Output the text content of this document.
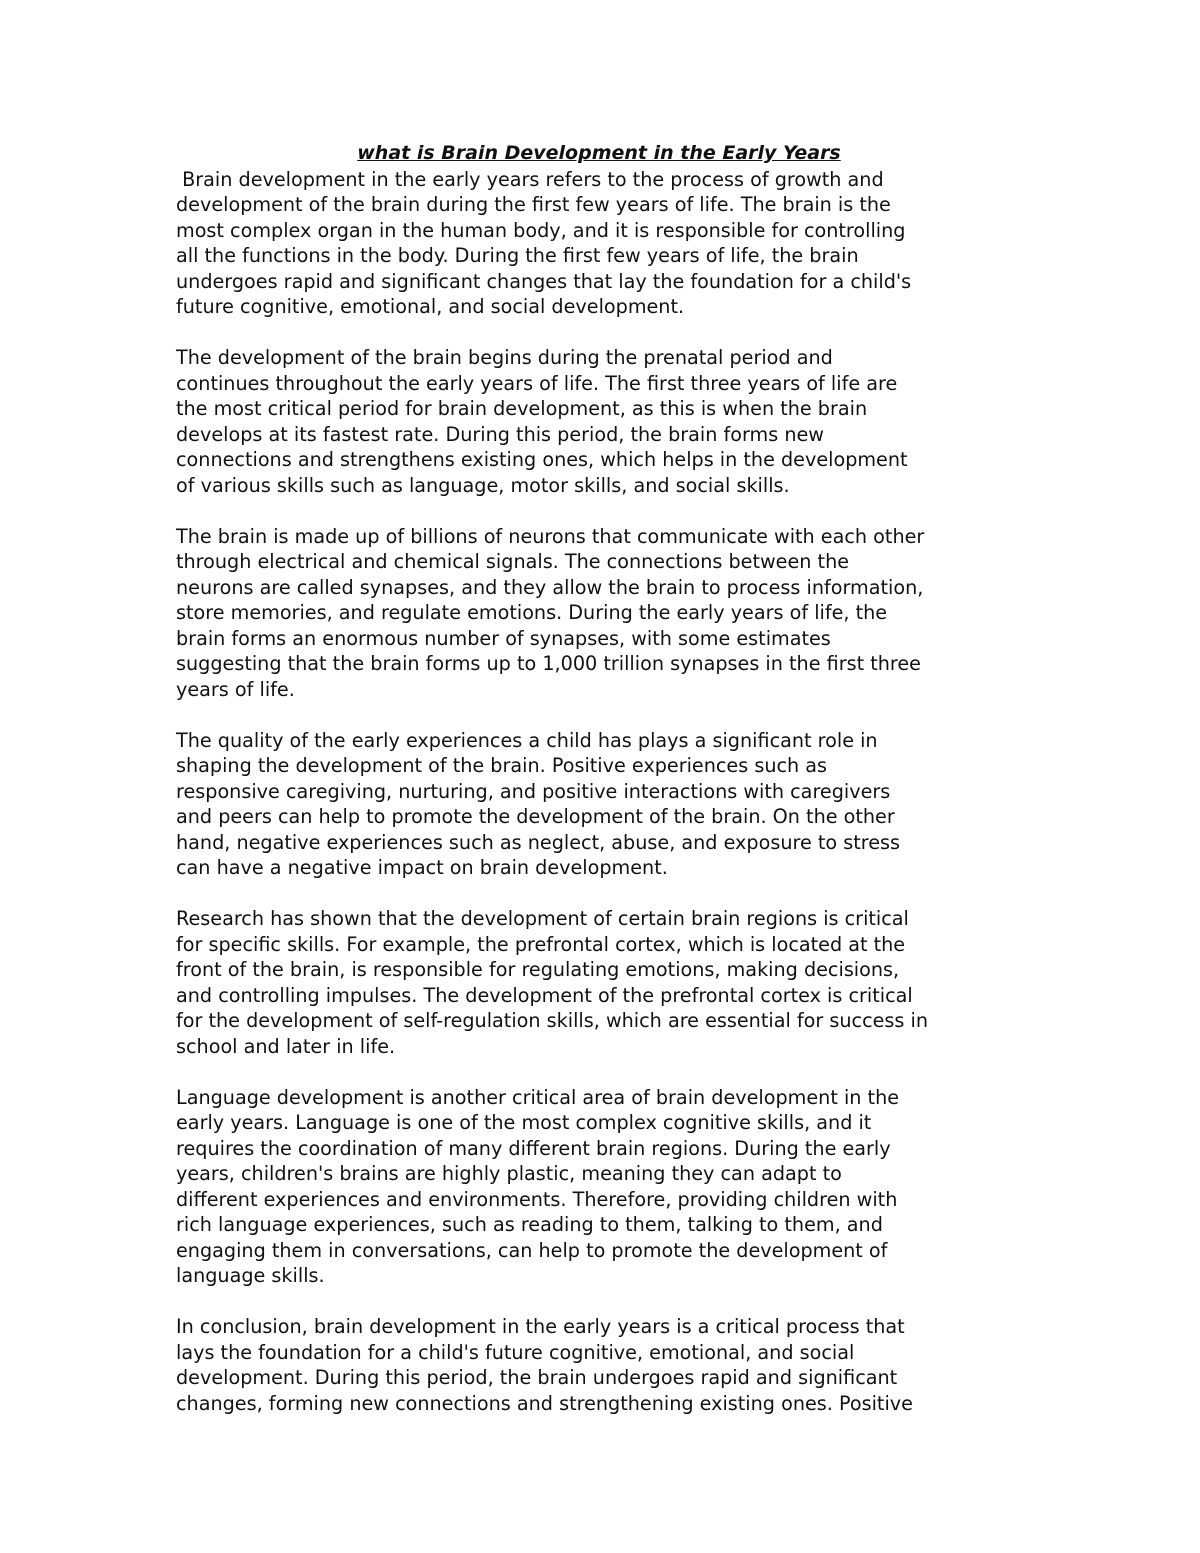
what is Brain Development in the Early Years

Brain development in the early years refers to the process of growth and
development of the brain during the first few years of life. The brain is the
most complex organ in the human body, and it is responsible for controlling
all the functions in the body. During the first few years of life, the brain
undergoes rapid and significant changes that lay the foundation for a child's
future cognitive, emotional, and social development.

The development of the brain begins during the prenatal period and
continues throughout the early years of life. The first three years of life are
the most critical period for brain development, as this is when the brain
develops at its fastest rate. During this period, the brain forms new
connections and strengthens existing ones, which helps in the development
of various skills such as language, motor skills, and social skills.

The brain is made up of billions of neurons that communicate with each other
through electrical and chemical signals. The connections between the
neurons are called synapses, and they allow the brain to process information,
store memories, and regulate emotions. During the early years of life, the
brain forms an enormous number of synapses, with some estimates
suggesting that the brain forms up to 1,000 trillion synapses in the first three
years of life.

The quality of the early experiences a child has plays a significant role in
shaping the development of the brain. Positive experiences such as
responsive caregiving, nurturing, and positive interactions with caregivers
and peers can help to promote the development of the brain. On the other
hand, negative experiences such as neglect, abuse, and exposure to stress
can have a negative impact on brain development.

Research has shown that the development of certain brain regions is critical
for specific skills. For example, the prefrontal cortex, which is located at the
front of the brain, is responsible for regulating emotions, making decisions,
and controlling impulses. The development of the prefrontal cortex is critical
for the development of self-regulation skills, which are essential for success in
school and later in life.

Language development is another critical area of brain development in the
early years. Language is one of the most complex cognitive skills, and it
requires the coordination of many different brain regions. During the early
years, children's brains are highly plastic, meaning they can adapt to
different experiences and environments. Therefore, providing children with
rich language experiences, such as reading to them, talking to them, and
engaging them in conversations, can help to promote the development of
language skills.

In conclusion, brain development in the early years is a critical process that
lays the foundation for a child's future cognitive, emotional, and social
development. During this period, the brain undergoes rapid and significant
changes, forming new connections and strengthening existing ones. Positive
